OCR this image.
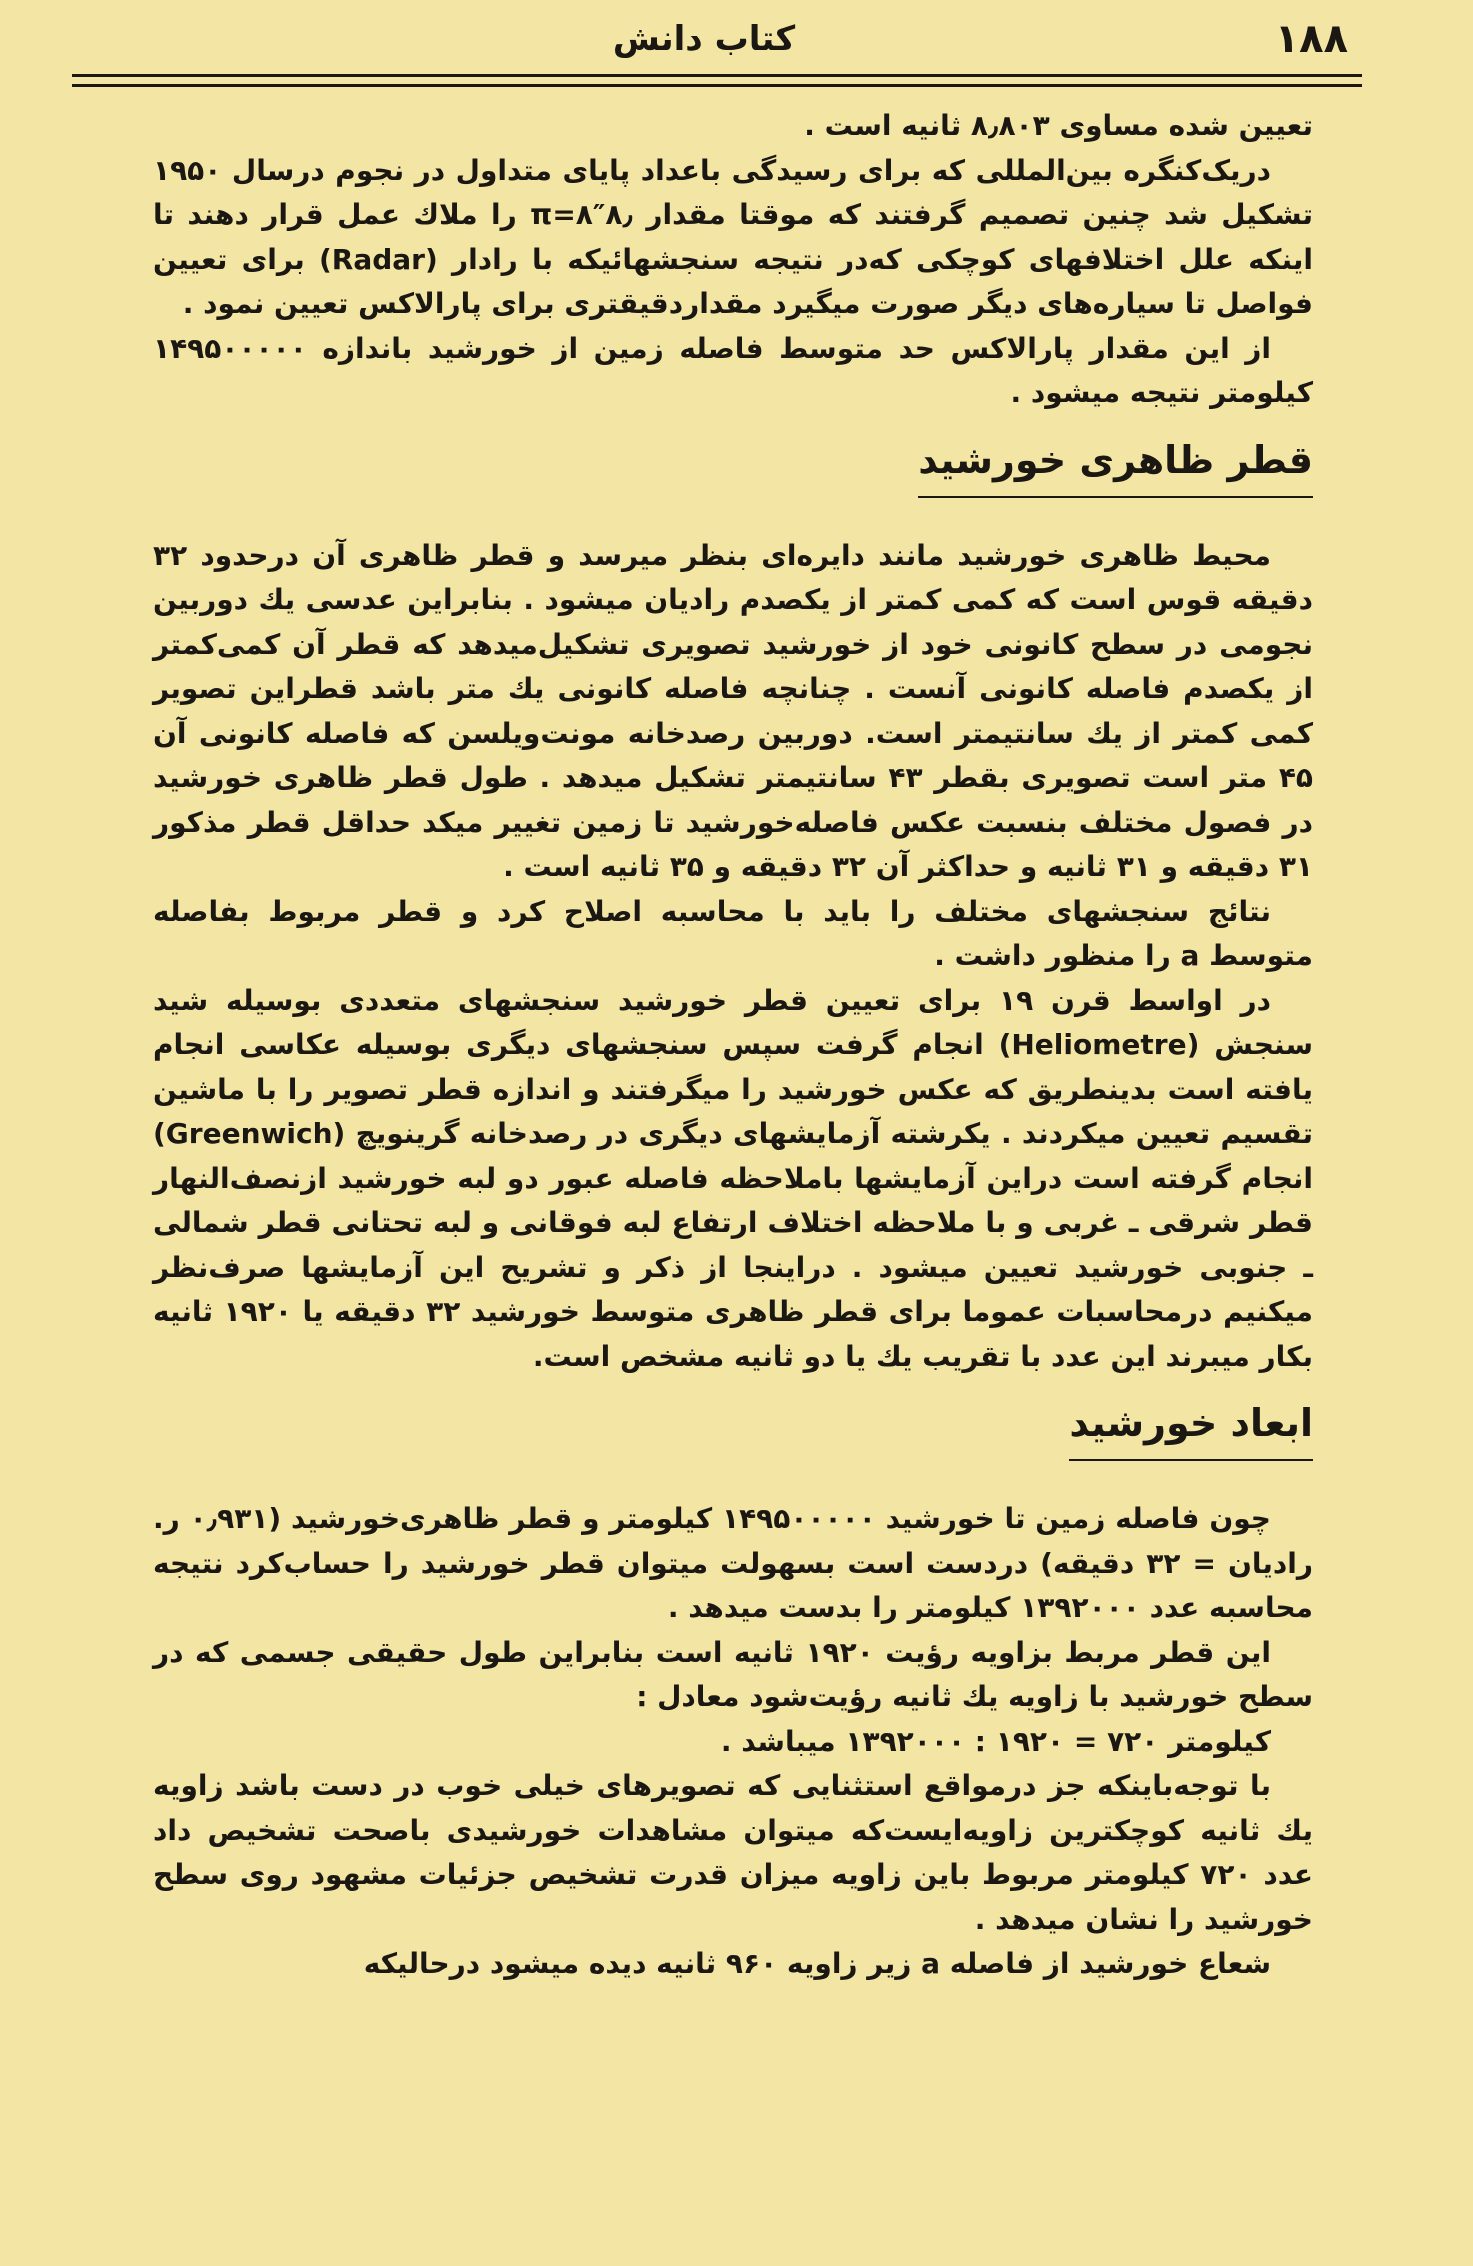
۱۸۸
کتاب دانش

تعیین شده مساوی ۸٫۸۰۳ ثانیه است .

دریک‌کنگره بین‌المللی که برای رسیدگی باعداد پایای متداول در نجوم درسال ۱۹۵۰ تشکیل شد چنین تصمیم گرفتند که موقتا مقدار ۸٫″۸=π را ملاك عمل قرار دهند تا اینکه علل اختلافهای کوچکی که‌در نتیجه سنجشهائیکه با رادار (Radar) برای تعیین فواصل تا سیاره‌های دیگر صورت میگیرد مقداردقیقتری برای پارالاکس تعیین نمود .

از این مقدار پارالاکس حد متوسط فاصله زمین از خورشید باندازه ۱۴۹۵۰۰۰۰۰ کیلومتر نتیجه میشود .

قطر ظاهری خورشید

محیط ظاهری خورشید مانند دایره‌ای بنظر میرسد و قطر ظاهری آن درحدود ۳۲ دقیقه قوس است که کمی کمتر از یکصدم رادیان میشود . بنابراین عدسی یك دوربین نجومی در سطح کانونی خود از خورشید تصویری تشکیل‌میدهد که قطر آن کمی‌کمتر از یکصدم فاصله کانونی آنست . چنانچه فاصله کانونی یك متر باشد قطراین تصویر کمی کمتر از یك سانتیمتر است. دوربین رصدخانه مونت‌ویلسن که فاصله کانونی آن ۴۵ متر است تصویری بقطر ۴۳ سانتیمتر تشکیل میدهد . طول قطر ظاهری خورشید در فصول مختلف بنسبت عکس فاصله‌خورشید تا زمین تغییر میکد حداقل قطر مذکور ۳۱ دقیقه و ۳۱ ثانیه و حداکثر آن ۳۲ دقیقه و ۳۵ ثانیه است .

نتائج سنجشهای مختلف را باید با محاسبه اصلاح کرد و قطر مربوط بفاصله متوسط a را منظور داشت .

در اواسط قرن ۱۹ برای تعیین قطر خورشید سنجشهای متعددی بوسیله شید سنجش (Heliometre) انجام گرفت سپس سنجشهای دیگری بوسیله عکاسی انجام یافته است بدینطریق که عکس خورشید را میگرفتند و اندازه قطر تصویر را با ماشین تقسیم تعیین میکردند . یکرشته آزمایشهای دیگری در رصدخانه گرینویچ (Greenwich) انجام گرفته است دراین آزمایشها باملاحظه فاصله عبور دو لبه خورشید ازنصف‌النهار قطر شرقی ـ غربی و با ملاحظه اختلاف ارتفاع لبه فوقانی و لبه تحتانی قطر شمالی ـ جنوبی خورشید تعیین میشود . دراینجا از ذکر و تشریح این آزمایشها صرف‌نظر میکنیم درمحاسبات عموما برای قطر ظاهری متوسط خورشید ۳۲ دقیقه یا ۱۹۲۰ ثانیه بکار میبرند این عدد با تقریب یك یا دو ثانیه مشخص است.

ابعاد خورشید

چون فاصله زمین تا خورشید ۱۴۹۵۰۰۰۰۰ کیلومتر و قطر ظاهری‌خورشید (۰٫۹۳۱ ر. رادیان = ۳۲ دقیقه) دردست است بسهولت میتوان قطر خورشید را حساب‌کرد نتیجه محاسبه عدد ۱۳۹۲۰۰۰ کیلومتر را بدست میدهد .

این قطر مربط بزاویه رؤیت ۱۹۲۰ ثانیه است بنابراین طول حقیقی جسمی که در سطح خورشید با زاویه یك ثانیه رؤیت‌شود معادل :

کیلومتر ۷۲۰ = ۱۹۲۰ : ۱۳۹۲۰۰۰ میباشد .

با توجه‌باینکه جز درمواقع استثنایی که تصویرهای خیلی خوب در دست باشد زاویه یك ثانیه کوچکترین زاویه‌ایست‌که میتوان مشاهدات خورشیدی باصحت تشخیص داد عدد ۷۲۰ کیلومتر مربوط باین زاویه میزان قدرت تشخیص جزئیات مشهود روی سطح خورشید را نشان میدهد .

شعاع خورشید از فاصله a زیر زاویه ۹۶۰ ثانیه دیده میشود درحالیکه
